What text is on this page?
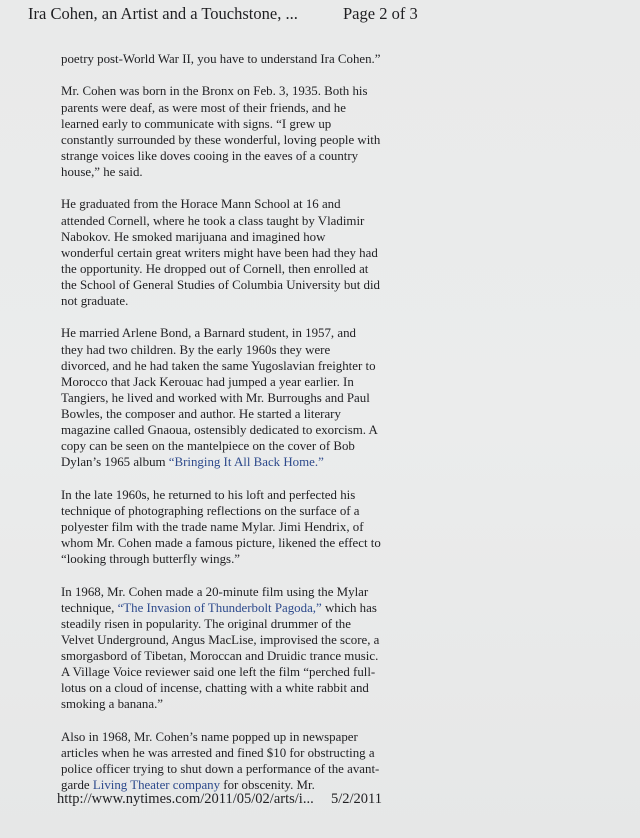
Ira Cohen, an Artist and a Touchstone, ...	Page 2 of 3

poetry post-World War II, you have to understand Ira Cohen.”

Mr. Cohen was born in the Bronx on Feb. 3, 1935. Both his parents were deaf, as were most of their friends, and he learned early to communicate with signs. “I grew up constantly surrounded by these wonderful, loving people with strange voices like doves cooing in the eaves of a country house,” he said.

He graduated from the Horace Mann School at 16 and attended Cornell, where he took a class taught by Vladimir Nabokov. He smoked marijuana and imagined how wonderful certain great writers might have been had they had the opportunity. He dropped out of Cornell, then enrolled at the School of General Studies of Columbia University but did not graduate.

He married Arlene Bond, a Barnard student, in 1957, and they had two children. By the early 1960s they were divorced, and he had taken the same Yugoslavian freighter to Morocco that Jack Kerouac had jumped a year earlier. In Tangiers, he lived and worked with Mr. Burroughs and Paul Bowles, the composer and author. He started a literary magazine called Gnaoua, ostensibly dedicated to exorcism. A copy can be seen on the mantelpiece on the cover of Bob Dylan’s 1965 album “Bringing It All Back Home.”

In the late 1960s, he returned to his loft and perfected his technique of photographing reflections on the surface of a polyester film with the trade name Mylar. Jimi Hendrix, of whom Mr. Cohen made a famous picture, likened the effect to “looking through butterfly wings.”

In 1968, Mr. Cohen made a 20-minute film using the Mylar technique, “The Invasion of Thunderbolt Pagoda,” which has steadily risen in popularity. The original drummer of the Velvet Underground, Angus MacLise, improvised the score, a smorgasbord of Tibetan, Moroccan and Druidic trance music. A Village Voice reviewer said one left the film “perched full-lotus on a cloud of incense, chatting with a white rabbit and smoking a banana.”

Also in 1968, Mr. Cohen’s name popped up in newspaper articles when he was arrested and fined $10 for obstructing a police officer trying to shut down a performance of the avant-garde Living Theater company for obscenity. Mr.

http://www.nytimes.com/2011/05/02/arts/i... 5/2/2011
